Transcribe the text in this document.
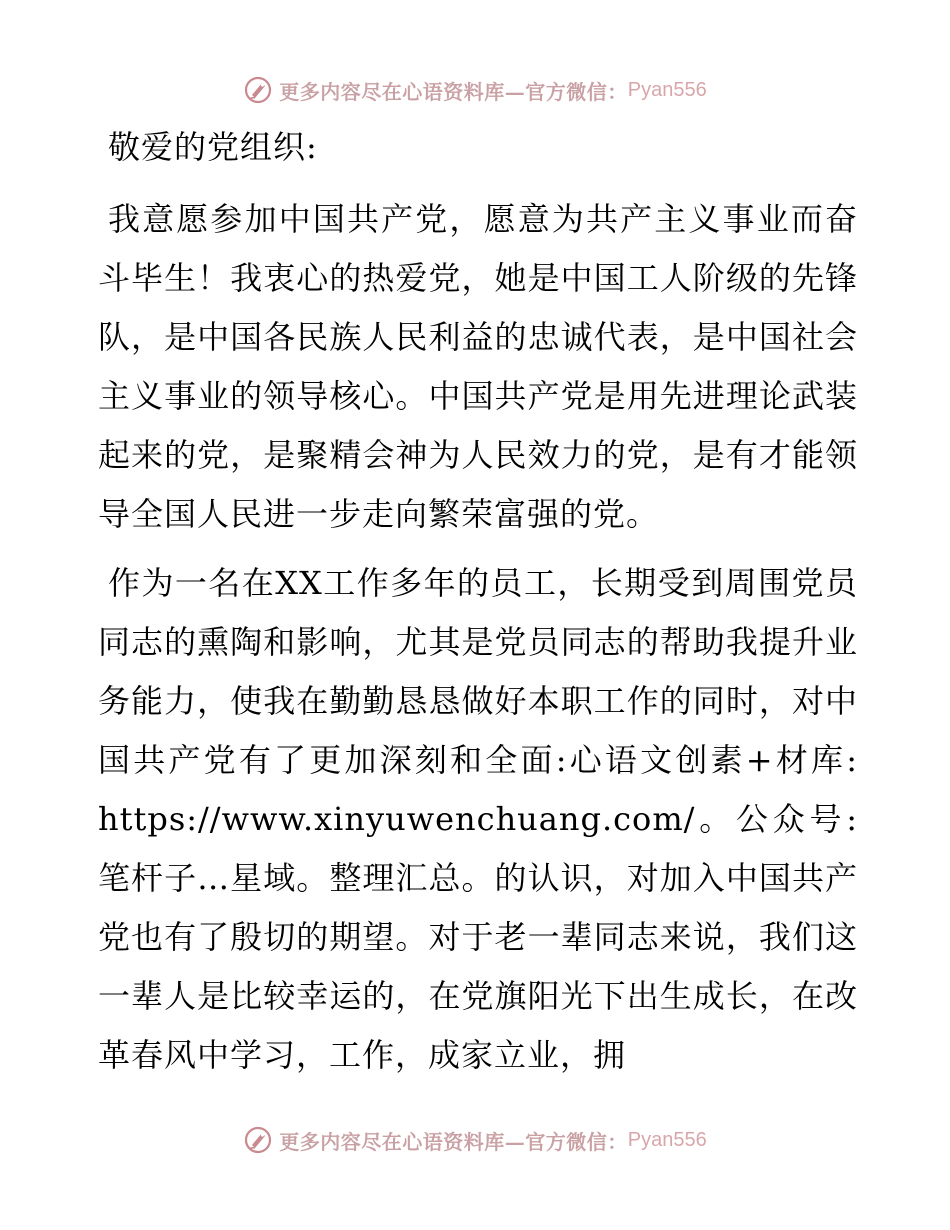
更多内容尽在心语资料库—官方微信： Pyan556

敬爱的党组织:

我意愿参加中国共产党，愿意为共产主义事业而奋斗毕生！我衷心的热爱党，她是中国工人阶级的先锋队，是中国各民族人民利益的忠诚代表，是中国社会主义事业的领导核心。中国共产党是用先进理论武装起来的党，是聚精会神为人民效力的党，是有才能领导全国人民进一步走向繁荣富强的党。

作为一名在XX工作多年的员工，长期受到周围党员同志的熏陶和影响，尤其是党员同志的帮助我提升业务能力，使我在勤勤恳恳做好本职工作的同时，对中国共产党有了更加深刻和全面:心语文创素+材库: https://www.xinyuwenchuang.com/。公众号: 笔杆子…星域。整理汇总。的认识，对加入中国共产党也有了殷切的期望。对于老一辈同志来说，我们这一辈人是比较幸运的，在党旗阳光下出生成长，在改革春风中学习，工作，成家立业，拥

更多内容尽在心语资料库—官方微信： Pyan556
